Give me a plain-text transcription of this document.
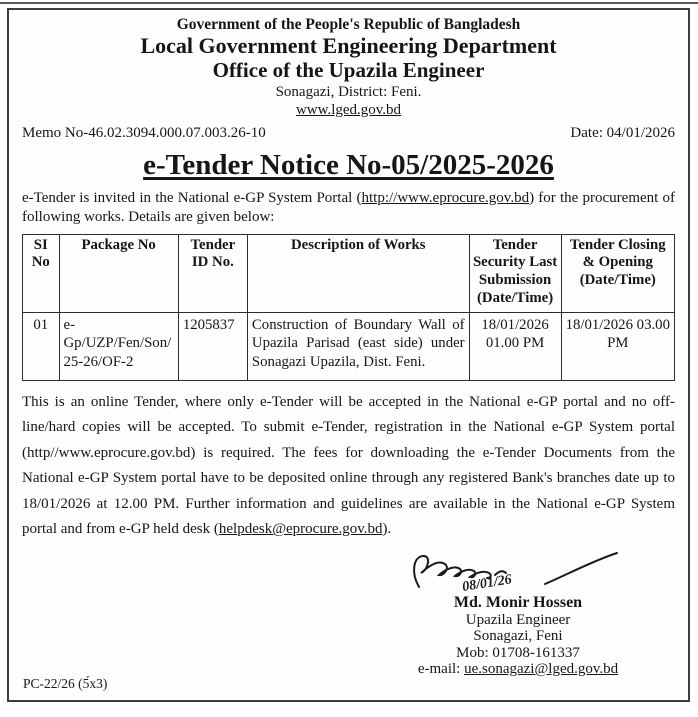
Government of the People's Republic of Bangladesh
Local Government Engineering Department
Office of the Upazila Engineer
Sonagazi, District: Feni.
www.lged.gov.bd
Memo No-46.02.3094.000.07.003.26-10	Date: 04/01/2026
e-Tender Notice No-05/2025-2026

e-Tender is invited in the National e-GP System Portal (http://www.eprocure.gov.bd) for the procurement of following works. Details are given below:

SI No	Package No	Tender ID No.	Description of Works	Tender Security Last Submission (Date/Time)	Tender Closing & Opening (Date/Time)
01	e-Gp/UZP/Fen/Son/25-26/OF-2	1205837	Construction of Boundary Wall of Upazila Parisad (east side) under Sonagazi Upazila, Dist. Feni.	18/01/2026 01.00 PM	18/01/2026 03.00 PM

This is an online Tender, where only e-Tender will be accepted in the National e-GP portal and no off-line/hard copies will be accepted. To submit e-Tender, registration in the National e-GP System portal (http//www.eprocure.gov.bd) is required. The fees for downloading the e-Tender Documents from the National e-GP System portal have to be deposited online through any registered Bank's branches date up to 18/01/2026 at 12.00 PM. Further information and guidelines are available in the National e-GP System portal and from e-GP held desk (helpdesk@eprocure.gov.bd).

08/01/26
Md. Monir Hossen
Upazila Engineer
Sonagazi, Feni
Mob: 01708-161337
e-mail: ue.sonagazi@lged.gov.bd
PC-22/26 (5́x3)
